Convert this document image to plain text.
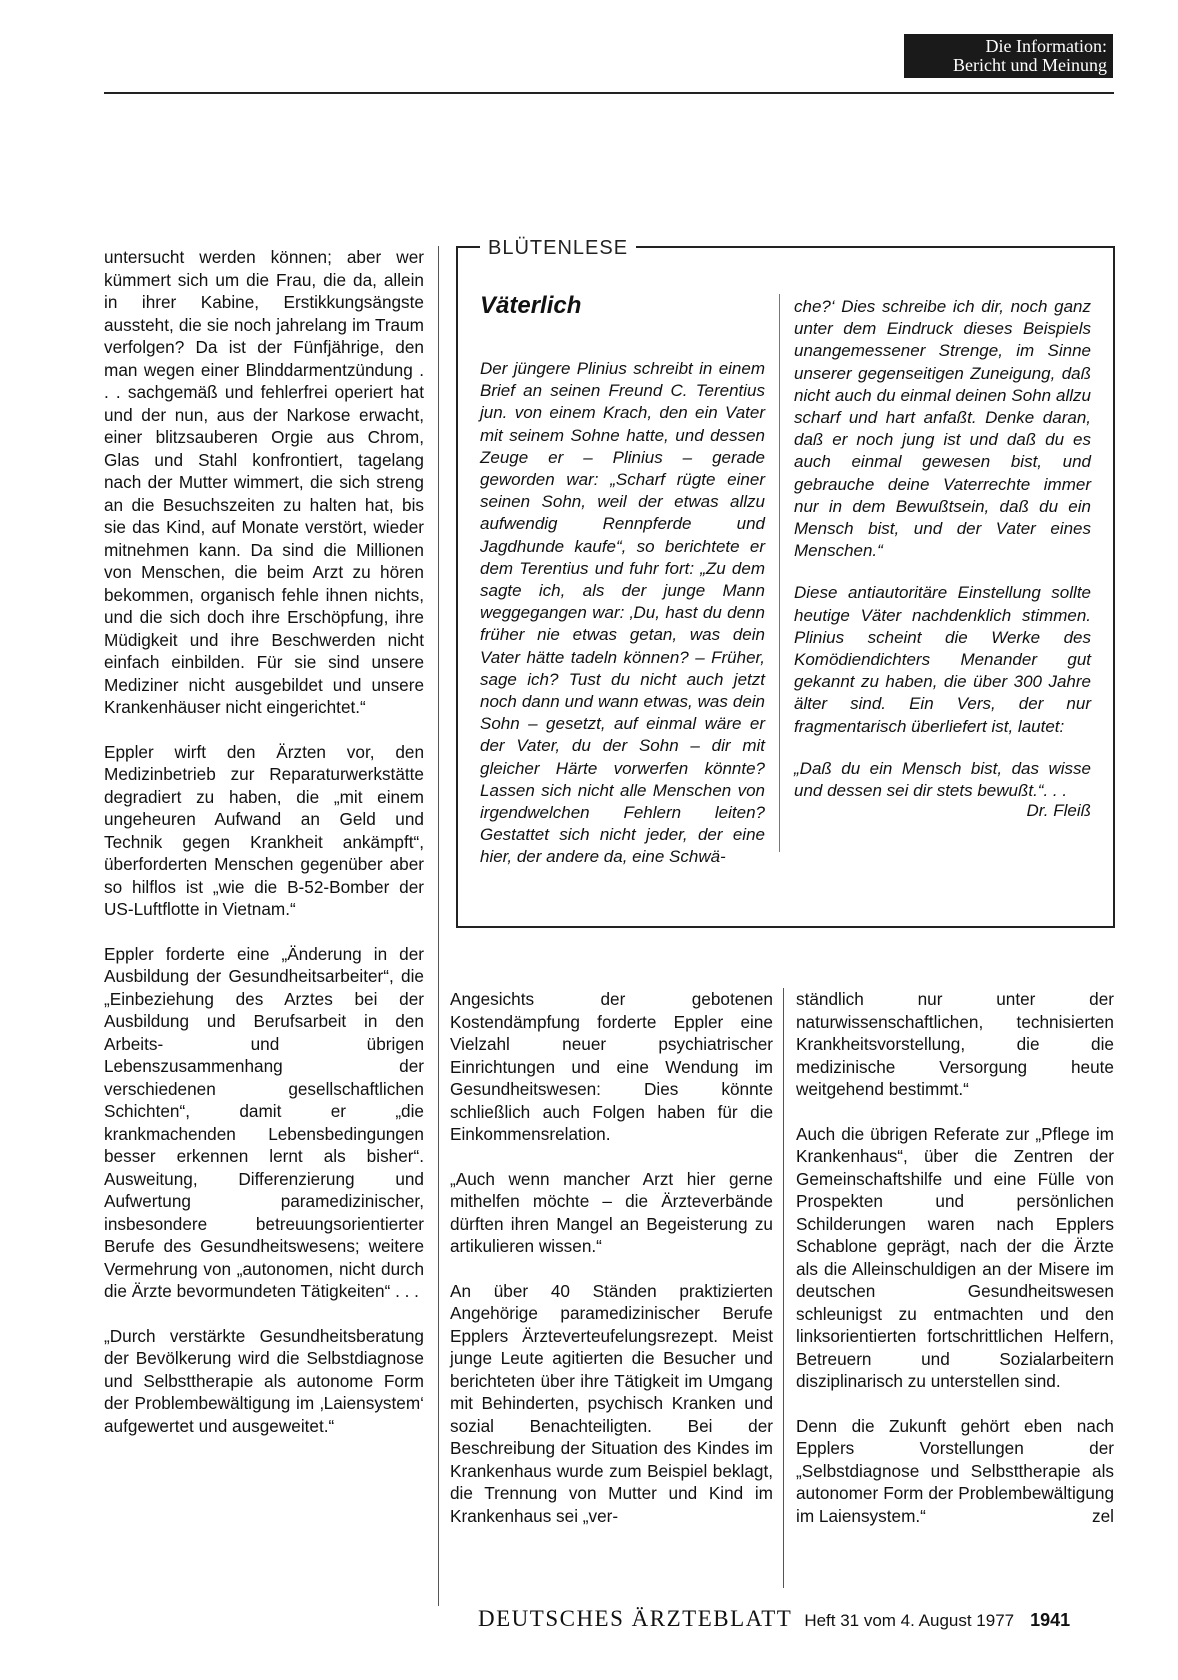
Die Information:
Bericht und Meinung

untersucht werden können; aber wer kümmert sich um die Frau, die da, allein in ihrer Kabine, Erstikkungsängste aussteht, die sie noch jahrelang im Traum verfolgen? Da ist der Fünfjährige, den man wegen einer Blinddarmentzündung . . . sachgemäß und fehlerfrei operiert hat und der nun, aus der Narkose erwacht, einer blitzsauberen Orgie aus Chrom, Glas und Stahl konfrontiert, tagelang nach der Mutter wimmert, die sich streng an die Besuchszeiten zu halten hat, bis sie das Kind, auf Monate verstört, wieder mitnehmen kann. Da sind die Millionen von Menschen, die beim Arzt zu hören bekommen, organisch fehle ihnen nichts, und die sich doch ihre Erschöpfung, ihre Müdigkeit und ihre Beschwerden nicht einfach einbilden. Für sie sind unsere Mediziner nicht ausgebildet und unsere Krankenhäuser nicht eingerichtet.“

Eppler wirft den Ärzten vor, den Medizinbetrieb zur Reparaturwerkstätte degradiert zu haben, die „mit einem ungeheuren Aufwand an Geld und Technik gegen Krankheit ankämpft“, überforderten Menschen gegenüber aber so hilflos ist „wie die B-52-Bomber der US-Luftflotte in Vietnam.“

Eppler forderte eine „Änderung in der Ausbildung der Gesundheitsarbeiter“, die „Einbeziehung des Arztes bei der Ausbildung und Berufsarbeit in den Arbeits- und übrigen Lebenszusammenhang der verschiedenen gesellschaftlichen Schichten“, damit er „die krankmachenden Lebensbedingungen besser erkennen lernt als bisher“. Ausweitung, Differenzierung und Aufwertung paramedizinischer, insbesondere betreuungsorientierter Berufe des Gesundheitswesens; weitere Vermehrung von „autonomen, nicht durch die Ärzte bevormundeten Tätigkeiten“ . . .

„Durch verstärkte Gesundheitsberatung der Bevölkerung wird die Selbstdiagnose und Selbsttherapie als autonome Form der Problembewältigung im ‚Laiensystem‘ aufgewertet und ausgeweitet.“

BLÜTENLESE
Väterlich

Der jüngere Plinius schreibt in einem Brief an seinen Freund C. Terentius jun. von einem Krach, den ein Vater mit seinem Sohne hatte, und dessen Zeuge er – Plinius – gerade geworden war: „Scharf rügte einer seinen Sohn, weil der etwas allzu aufwendig Rennpferde und Jagdhunde kaufe“, so berichtete er dem Terentius und fuhr fort: „Zu dem sagte ich, als der junge Mann weggegangen war: ‚Du, hast du denn früher nie etwas getan, was dein Vater hätte tadeln können? – Früher, sage ich? Tust du nicht auch jetzt noch dann und wann etwas, was dein Sohn – gesetzt, auf einmal wäre er der Vater, du der Sohn – dir mit gleicher Härte vorwerfen könnte? Lassen sich nicht alle Menschen von irgendwelchen Fehlern leiten? Gestattet sich nicht jeder, der eine hier, der andere da, eine Schwä-

che?‘ Dies schreibe ich dir, noch ganz unter dem Eindruck dieses Beispiels unangemessener Strenge, im Sinne unserer gegenseitigen Zuneigung, daß nicht auch du einmal deinen Sohn allzu scharf und hart anfaßt. Denke daran, daß er noch jung ist und daß du es auch einmal gewesen bist, und gebrauche deine Vaterrechte immer nur in dem Bewußtsein, daß du ein Mensch bist, und der Vater eines Menschen.“

Diese antiautoritäre Einstellung sollte heutige Väter nachdenklich stimmen. Plinius scheint die Werke des Komödiendichters Menander gut gekannt zu haben, die über 300 Jahre älter sind. Ein Vers, der nur fragmentarisch überliefert ist, lautet:

„Daß du ein Mensch bist, das wisse und dessen sei dir stets bewußt.“. . .

Dr. Fleiß

Angesichts der gebotenen Kostendämpfung forderte Eppler eine Vielzahl neuer psychiatrischer Einrichtungen und eine Wendung im Gesundheitswesen: Dies könnte schließlich auch Folgen haben für die Einkommensrelation.

„Auch wenn mancher Arzt hier gerne mithelfen möchte – die Ärzteverbände dürften ihren Mangel an Begeisterung zu artikulieren wissen.“

An über 40 Ständen praktizierten Angehörige paramedizinischer Berufe Epplers Ärzteverteufelungsrezept. Meist junge Leute agitierten die Besucher und berichteten über ihre Tätigkeit im Umgang mit Behinderten, psychisch Kranken und sozial Benachteiligten. Bei der Beschreibung der Situation des Kindes im Krankenhaus wurde zum Beispiel beklagt, die Trennung von Mutter und Kind im Krankenhaus sei „ver-

ständlich nur unter der naturwissenschaftlichen, technisierten Krankheitsvorstellung, die die medizinische Versorgung heute weitgehend bestimmt.“

Auch die übrigen Referate zur „Pflege im Krankenhaus“, über die Zentren der Gemeinschaftshilfe und eine Fülle von Prospekten und persönlichen Schilderungen waren nach Epplers Schablone geprägt, nach der die Ärzte als die Alleinschuldigen an der Misere im deutschen Gesundheitswesen schleunigst zu entmachten und den linksorientierten fortschrittlichen Helfern, Betreuern und Sozialarbeitern disziplinarisch zu unterstellen sind.

Denn die Zukunft gehört eben nach Epplers Vorstellungen der „Selbstdiagnose und Selbsttherapie als autonomer Form der Problembewältigung im Laiensystem.“	zel

DEUTSCHES ÄRZTEBLATT Heft 31 vom 4. August 1977 1941
